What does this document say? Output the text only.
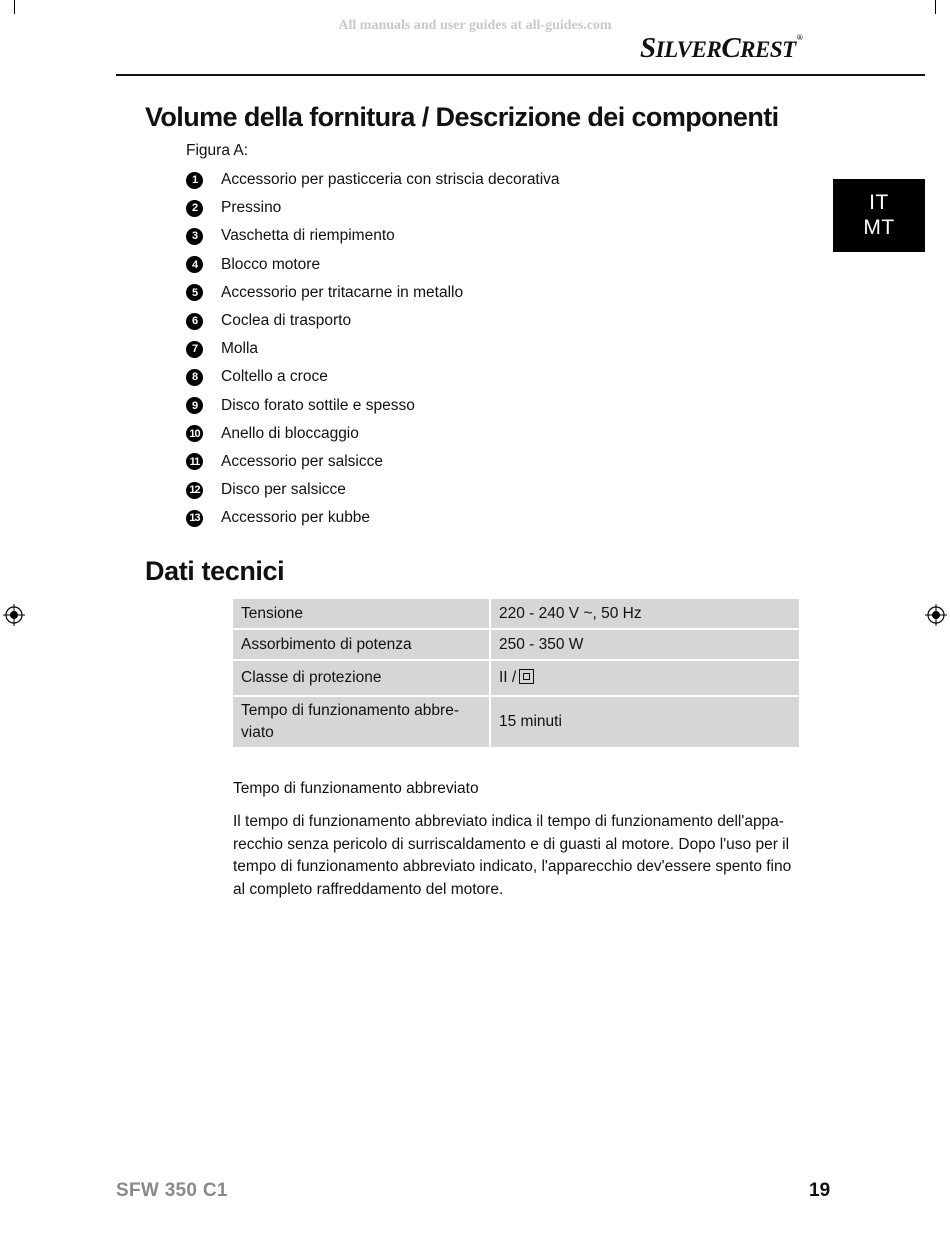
All manuals and user guides at all-guides.com
SILVERCREST®
IT
MT
Volume della fornitura / Descrizione dei componenti
Figura A:
1	Accessorio per pasticceria con striscia decorativa
2	Pressino
3	Vaschetta di riempimento
4	Blocco motore
5	Accessorio per tritacarne in metallo
6	Coclea di trasporto
7	Molla
8	Coltello a croce
9	Disco forato sottile e spesso
10 Anello di bloccaggio
11 Accessorio per salsicce
12 Disco per salsicce
13 Accessorio per kubbe
Dati tecnici
Tensione	220 - 240 V ~, 50 Hz
Assorbimento di potenza	250 - 350 W
Classe di protezione	II /
Tempo di funzionamento abbre-viato	15 minuti
Tempo di funzionamento abbreviato

Il tempo di funzionamento abbreviato indica il tempo di funzionamento dell'appa-recchio senza pericolo di surriscaldamento e di guasti al motore. Dopo l'uso per il tempo di funzionamento abbreviato indicato, l'apparecchio dev'essere spento fino al completo raffreddamento del motore.

SFW 350 C1	19
